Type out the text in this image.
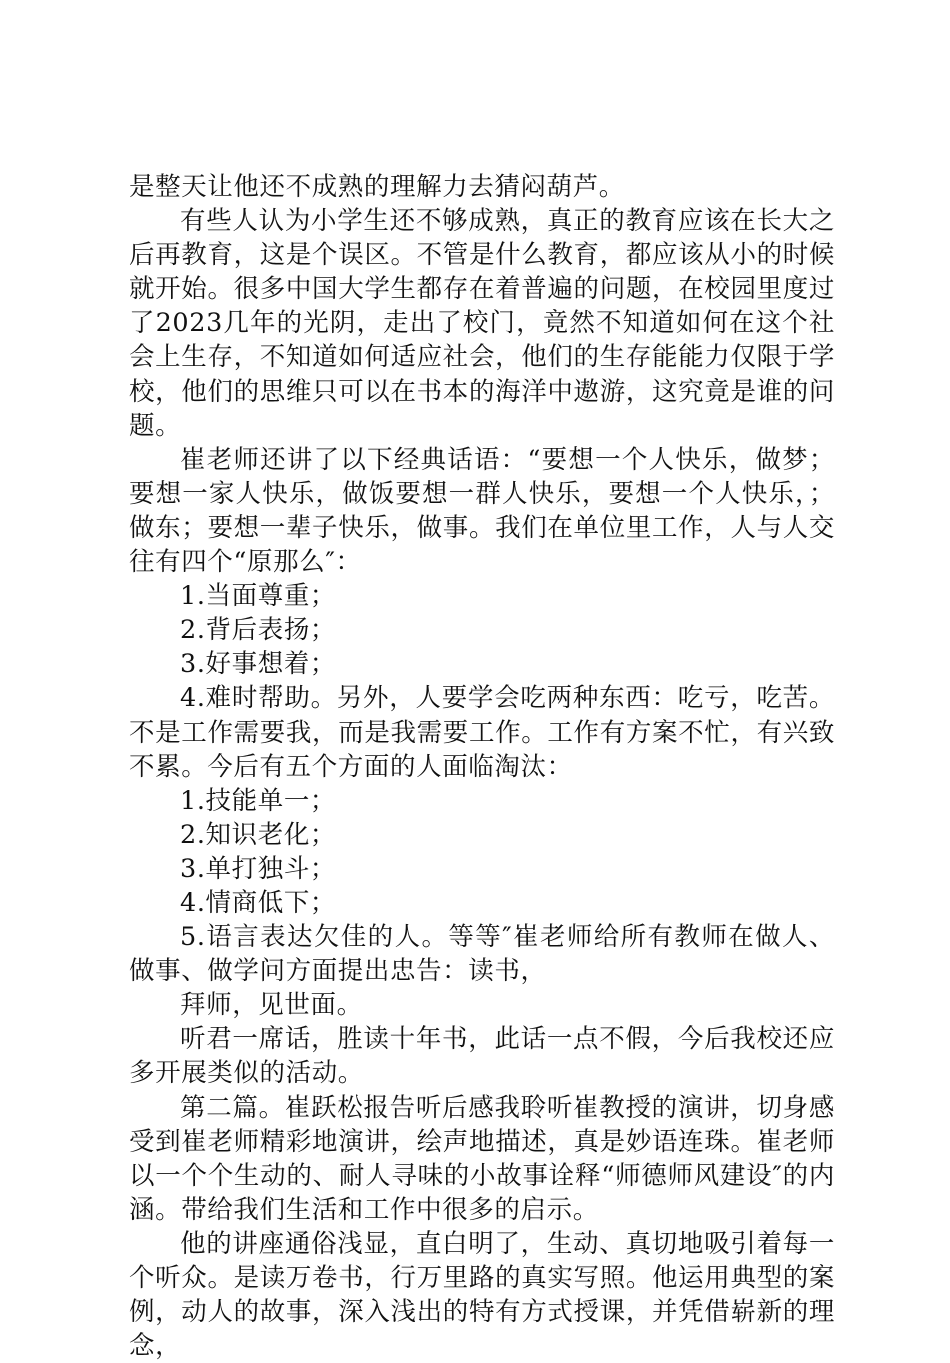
是整天让他还不成熟的理解力去猜闷葫芦。

有些人认为小学生还不够成熟，真正的教育应该在长大之后再教育，这是个误区。不管是什么教育，都应该从小的时候就开始。很多中国大学生都存在着普遍的问题，在校园里度过了2023几年的光阴，走出了校门，竟然不知道如何在这个社会上生存，不知道如何适应社会，他们的生存能能力仅限于学校，他们的思维只可以在书本的海洋中遨游，这究竟是谁的问题。

崔老师还讲了以下经典话语：“要想一个人快乐，做梦；要想一家人快乐，做饭要想一群人快乐，要想一个人快乐，；做东；要想一辈子快乐，做事。我们在单位里工作，人与人交往有四个“原那么″：

1.当面尊重；

2.背后表扬；

3.好事想着；

4.难时帮助。另外，人要学会吃两种东西：吃亏，吃苦。不是工作需要我，而是我需要工作。工作有方案不忙，有兴致不累。今后有五个方面的人面临淘汰：

1.技能单一；

2.知识老化；

3.单打独斗；

4.情商低下；

5.语言表达欠佳的人。等等″崔老师给所有教师在做人、做事、做学问方面提出忠告：读书，

拜师，见世面。

听君一席话，胜读十年书，此话一点不假，今后我校还应多开展类似的活动。

第二篇。崔跃松报告听后感我聆听崔教授的演讲，切身感受到崔老师精彩地演讲，绘声地描述，真是妙语连珠。崔老师以一个个生动的、耐人寻味的小故事诠释“师德师风建设″的内涵。带给我们生活和工作中很多的启示。

他的讲座通俗浅显，直白明了，生动、真切地吸引着每一个听众。是读万卷书，行万里路的真实写照。他运用典型的案例，动人的故事，深入浅出的特有方式授课，并凭借崭新的理念，
